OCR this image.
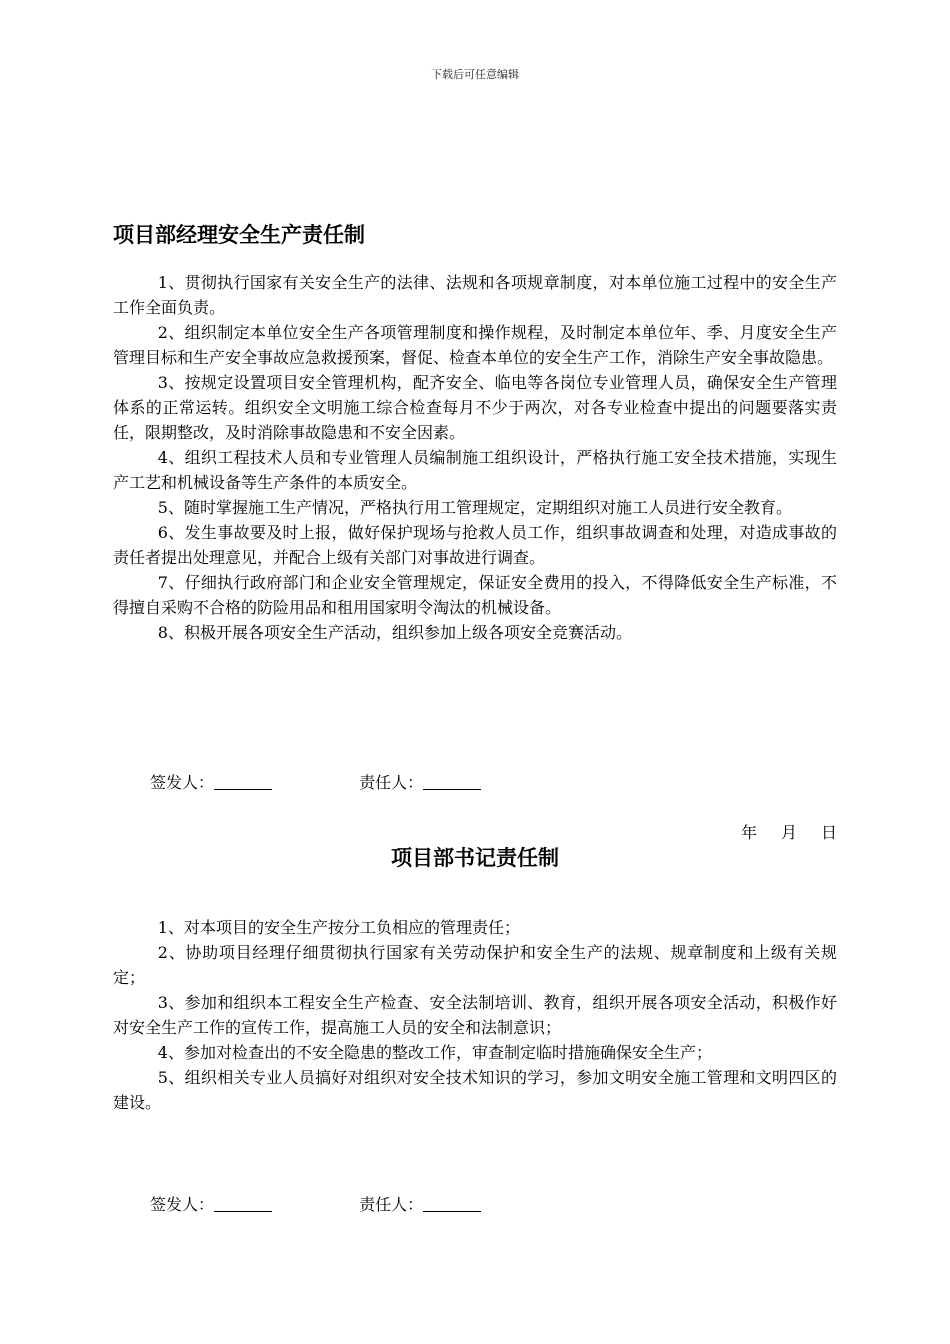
下载后可任意编辑
项目部经理安全生产责任制

1、贯彻执行国家有关安全生产的法律、法规和各项规章制度，对本单位施工过程中的安全生产工作全面负责。

2、组织制定本单位安全生产各项管理制度和操作规程，及时制定本单位年、季、月度安全生产管理目标和生产安全事故应急救援预案，督促、检查本单位的安全生产工作，消除生产安全事故隐患。

3、按规定设置项目安全管理机构，配齐安全、临电等各岗位专业管理人员，确保安全生产管理体系的正常运转。组织安全文明施工综合检查每月不少于两次，对各专业检查中提出的问题要落实责任，限期整改，及时消除事故隐患和不安全因素。

4、组织工程技术人员和专业管理人员编制施工组织设计，严格执行施工安全技术措施，实现生产工艺和机械设备等生产条件的本质安全。

5、随时掌握施工生产情况，严格执行用工管理规定，定期组织对施工人员进行安全教育。

6、发生事故要及时上报，做好保护现场与抢救人员工作，组织事故调查和处理，对造成事故的责任者提出处理意见，并配合上级有关部门对事故进行调查。

7、仔细执行政府部门和企业安全管理规定，保证安全费用的投入，不得降低安全生产标准，不得擅自采购不合格的防险用品和租用国家明令淘汰的机械设备。

8、积极开展各项安全生产活动，组织参加上级各项安全竞赛活动。

签发人：	责任人：
年 月 日
项目部书记责任制

1、对本项目的安全生产按分工负相应的管理责任；

2、协助项目经理仔细贯彻执行国家有关劳动保护和安全生产的法规、规章制度和上级有关规定；

3、参加和组织本工程安全生产检查、安全法制培训、教育，组织开展各项安全活动，积极作好对安全生产工作的宣传工作，提高施工人员的安全和法制意识；

4、参加对检查出的不安全隐患的整改工作，审查制定临时措施确保安全生产；

5、组织相关专业人员搞好对组织对安全技术知识的学习，参加文明安全施工管理和文明四区的建设。

签发人：	责任人：
